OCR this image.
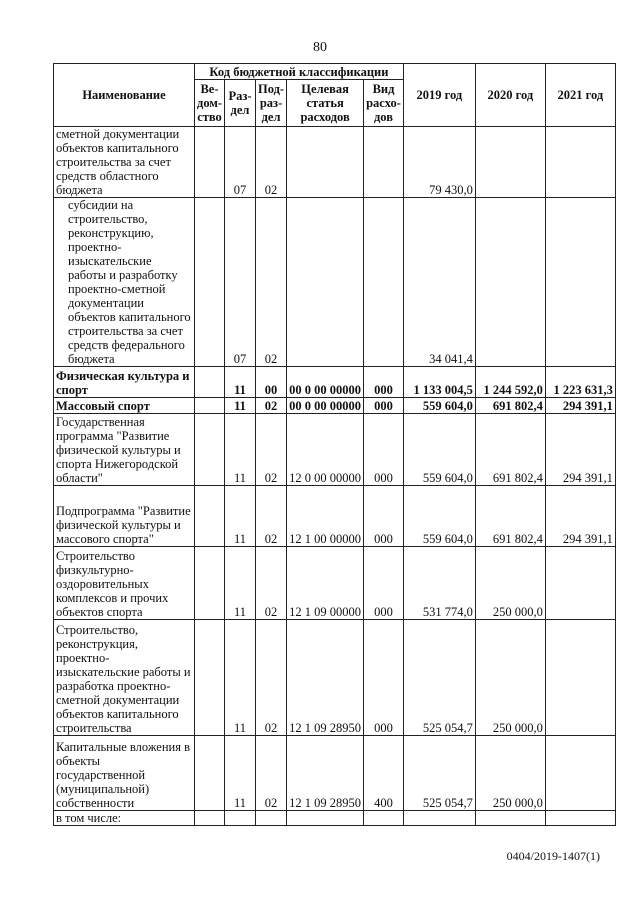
80
Наименование	Код бюджетной классификации					2019 год	2020 год	2021 год
	Ве-дом-ство	Раз-дел	Под-раз-дел	Целевая статья расходов	Вид расхо-дов			
сметной документации объектов капитального строительства за счет средств областного бюджета		07	02			79 430,0		
субсидии на строительство, реконструкцию, проектно-изыскательские работы и разработку проектно-сметной документации объектов капитального строительства за счет средств федерального бюджета		07	02			34 041,4		
Физическая культура и спорт		11	00	00 0 00 00000	000	1 133 004,5	1 244 592,0	1 223 631,3
Массовый спорт		11	02	00 0 00 00000	000	559 604,0	691 802,4	294 391,1
Государственная программа "Развитие физической культуры и спорта Нижегородской области"		11	02	12 0 00 00000	000	559 604,0	691 802,4	294 391,1
Подпрограмма "Развитие физической культуры и массового спорта"		11	02	12 1 00 00000	000	559 604,0	691 802,4	294 391,1
Строительство физкультурно-оздоровительных комплексов и прочих объектов спорта		11	02	12 1 09 00000	000	531 774,0	250 000,0	
Строительство, реконструкция, проектно-изыскательские работы и разработка проектно-сметной документации объектов капитального строительства		11	02	12 1 09 28950	000	525 054,7	250 000,0	
Капитальные вложения в объекты государственной (муниципальной) собственности		11	02	12 1 09 28950	400	525 054,7	250 000,0	
в том числе:								
0404/2019-1407(1)
